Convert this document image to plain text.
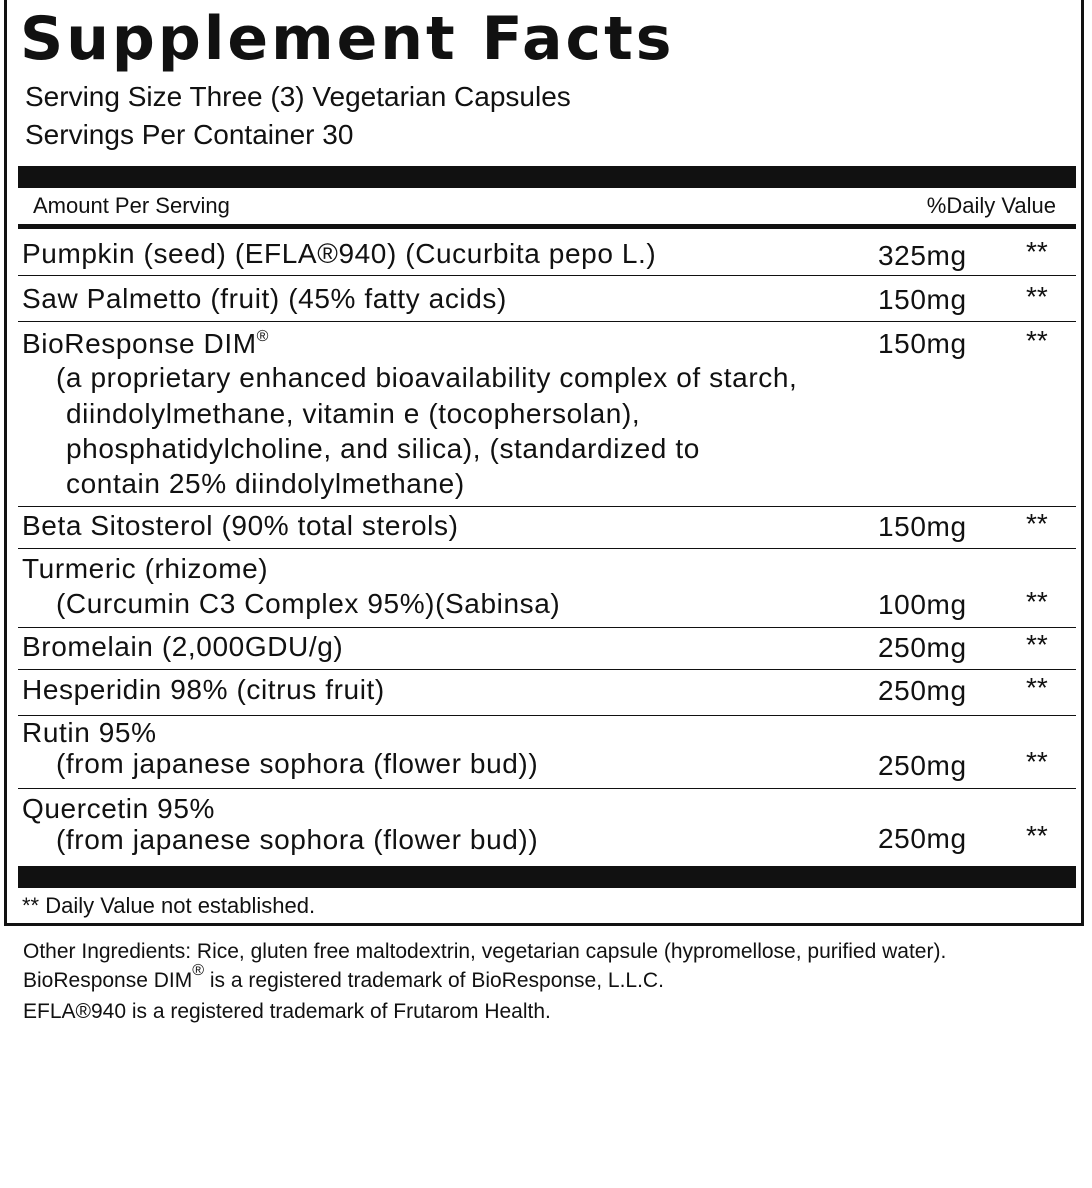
Supplement Facts
Serving Size Three (3) Vegetarian Capsules
Servings Per Container 30
Amount Per Serving	%Daily Value
Pumpkin (seed) (EFLA®940) (Cucurbita pepo L.)	325mg **
Saw Palmetto (fruit) (45% fatty acids)	150mg **
BioResponse DIM®	150mg **
(a proprietary enhanced bioavailability complex of starch,
diindolylmethane, vitamin e (tocophersolan),
phosphatidylcholine, and silica), (standardized to
contain 25% diindolylmethane)
Beta Sitosterol (90% total sterols)	150mg **
Turmeric (rhizome)
(Curcumin C3 Complex 95%)(Sabinsa)	100mg **
Bromelain (2,000GDU/g)	250mg **
Hesperidin 98% (citrus fruit)	250mg **
Rutin 95%
(from japanese sophora (flower bud))	250mg **
Quercetin 95%
(from japanese sophora (flower bud))	250mg **
** Daily Value not established.
Other Ingredients: Rice, gluten free maltodextrin, vegetarian capsule (hypromellose, purified water).
BioResponse DIM® is a registered trademark of BioResponse, L.L.C.
EFLA®940 is a registered trademark of Frutarom Health.
